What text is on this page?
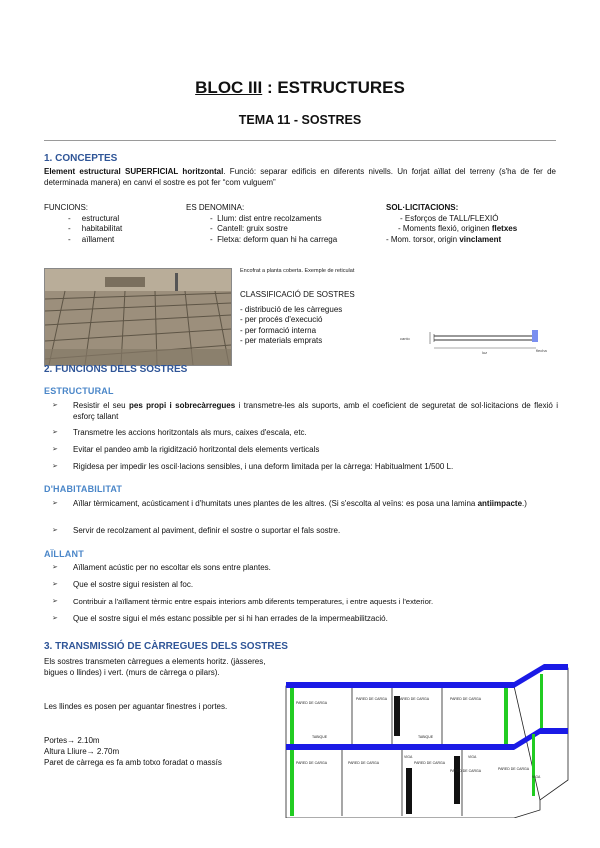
BLOC III : ESTRUCTURES
TEMA 11 - SOSTRES
1. CONCEPTES
Element estructural SUPERFICIAL horitzontal. Funció: separar edificis en diferents nivells. Un forjat aïllat del terreny (s'ha de fer de determinada manera) en canvi el sostre es pot fer “com vulguem”
FUNCIONS:
-     estructural
-     habitabilitat
-     aïllament
ES DENOMINA:
-  Llum: dist entre recolzaments
-  Cantell: gruix sostre
-  Fletxa: deform quan hi ha carrega
SOL·LICITACIONS:
- Esforços de TALL/FLEXIÓ
- Moments flexió, originen fletxes
- Mom. torsor, origin vinclament
Encofrat a planta coberta. Exemple de reticulat
CLASSIFICACIÓ DE SOSTRES
- distribució de les càrregues
- per procés d'execució
- per formació interna
- per materials emprats	canto
luz	flecha
2. FUNCIONS DELS SOSTRES
ESTRUCTURAL
➢	Resistir el seu pes propi i sobrecàrregues i transmetre-les als suports, amb el coeficient de seguretat de sol·licitacions de flexió i esforç tallant
➢	Transmetre les accions horitzontals als murs, caixes d'escala, etc.
➢	Evitar el pandeo amb la rigidització horitzontal dels elements verticals
➢	Rigidesa per impedir les oscil·lacions sensibles, i una deform limitada per la càrrega: Habitualment 1/500 L.
D'HABITABILITAT
➢	Aïllar tèrmicament, acústicament i d'humitats unes plantes de les altres. (Si s'escolta al veïns: es posa una lamina antiimpacte.)
➢	Servir de recolzament al paviment, definir el sostre o suportar el fals sostre.
AÏLLANT
➢	Aïllament acústic per no escoltar els sons entre plantes.
➢	Que el sostre sigui resisten al foc.
➢	Contribuir a l'aïllament tèrmic entre espais interiors amb diferents temperatures, i entre aquests i l'exterior.
➢	Que el sostre sigui el més estanc possible per si hi han errades de la impermeabilització.
3. TRANSMISSIÓ DE CÀRREGUES DELS SOSTRES
Els sostres transmeten càrregues a elements horitz. (jàsseres, bigues o llindes) i vert. (murs de càrrega o pilars).
Les llindes es posen per aguantar finestres i portes.
Portes→ 2.10m
Altura Lliure→ 2.70m
Paret de càrrega es fa amb totxo foradat o massís
PARED DE CARGA
PARED DE CARGA	PARED DE CARGA	PARED DE CARGA
TABIQUE	TABIQUE
PARED DE CARGA	PARED DE CARGA
VIGA	VIGA
PARED DE CARGA
PARED DE CARGA	PARED DE CARGA
VIGA
